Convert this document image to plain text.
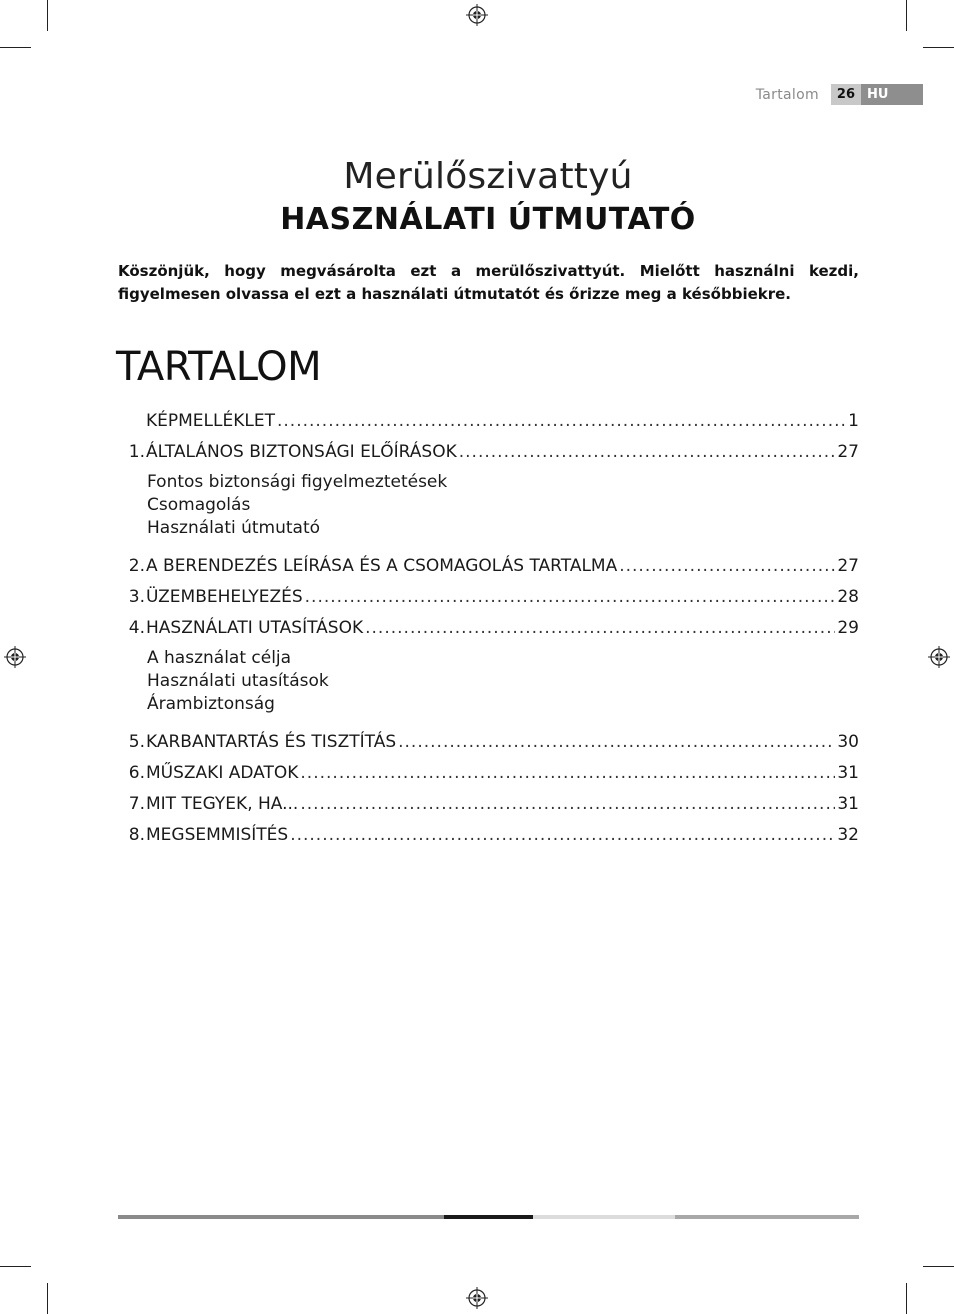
Tartalom	26 HU
Merülőszivattyú
HASZNÁLATI ÚTMUTATÓ
Köszönjük, hogy megvásárolta ezt a merülőszivattyút. Mielőtt használni kezdi, figyelmesen olvassa el ezt a használati útmutatót és őrizze meg a későbbiekre.
TARTALOM
KÉPMELLÉKLET .....	1
1. ÁLTALÁNOS BIZTONSÁGI ELŐÍRÁSOK .....	27
Fontos biztonsági figyelmeztetések
Csomagolás
Használati útmutató
2. A BERENDEZÉS LEÍRÁSA ÉS A CSOMAGOLÁS TARTALMA .....	27
3. ÜZEMBEHELYEZÉS .....	28
4. HASZNÁLATI UTASÍTÁSOK .....	29
A használat célja
Használati utasítások
Árambiztonság
5. KARBANTARTÁS ÉS TISZTÍTÁS .....	30
6. MŰSZAKI ADATOK .....	31
7. MIT TEGYEK, HA... .....	31
8. MEGSEMMISÍTÉS .....	32
